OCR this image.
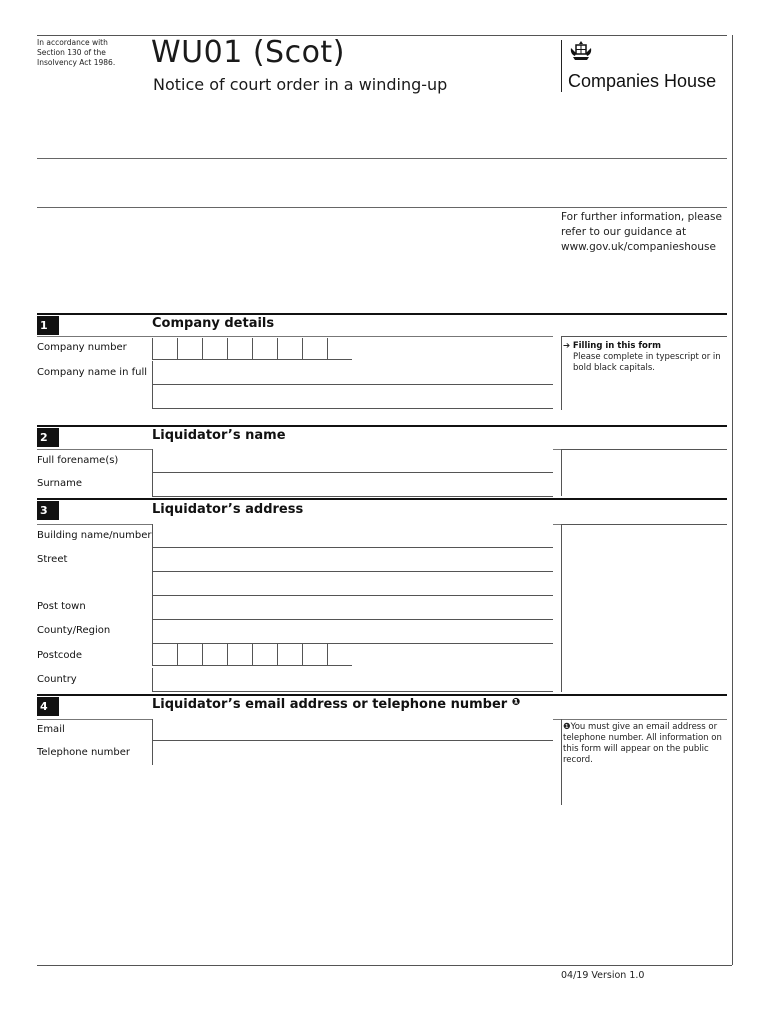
In accordance with Section 130 of the Insolvency Act 1986.	WU01 (Scot)
Notice of court order in a winding-up	Companies House
For further information, please refer to our guidance at www.gov.uk/companieshouse
1	Company details
Company number
Company name in full
➔ Filling in this form

Please complete in typescript or in bold black capitals.
2	Liquidator’s name
Full forename(s)
Surname
3	Liquidator’s address
Building name/number
Street
Post town
County/Region
Postcode
Country
4	Liquidator’s email address or telephone number $^❶$
Email
Telephone number
❶You must give an email address or telephone number. All information on this form will appear on the public record.
04/19 Version 1.0
